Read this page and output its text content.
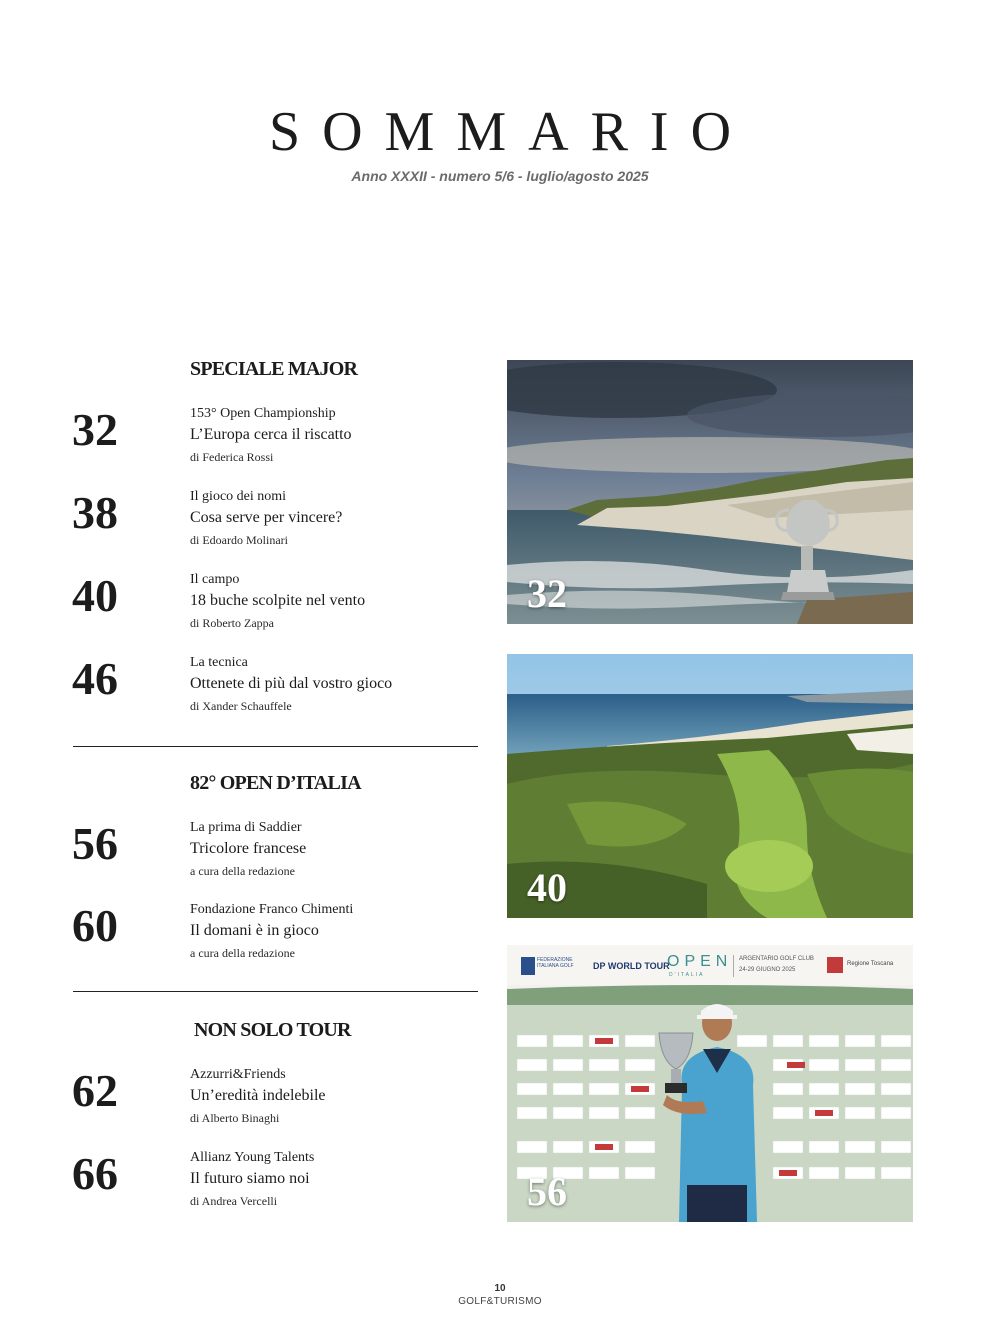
SOMMARIO
Anno XXXII - numero 5/6 - luglio/agosto 2025
SPECIALE MAJOR
32	153° Open Championship
L’Europa cerca il riscatto
di Federica Rossi
38	Il gioco dei nomi
Cosa serve per vincere?
di Edoardo Molinari
40	Il campo
18 buche scolpite nel vento
di Roberto Zappa
46	La tecnica
Ottenete di più dal vostro gioco
di Xander Schauffele
82° OPEN D’ITALIA
56	La prima di Saddier
Tricolore francese
a cura della redazione
60	Fondazione Franco Chimenti
Il domani è in gioco
a cura della redazione
NON SOLO TOUR
62	Azzurri&Friends
Un’eredità indelebile
di Alberto Binaghi
66	Allianz Young Talents
Il futuro siamo noi
di Andrea Vercelli
32
40
FEDERAZIONE ITALIANA GOLF	DP WORLD TOUR
OPEN
D'ITALIA
ARGENTARIO GOLF CLUB
24-29 GIUGNO 2025
Regione Toscana
56
10
GOLF&TURISMO
